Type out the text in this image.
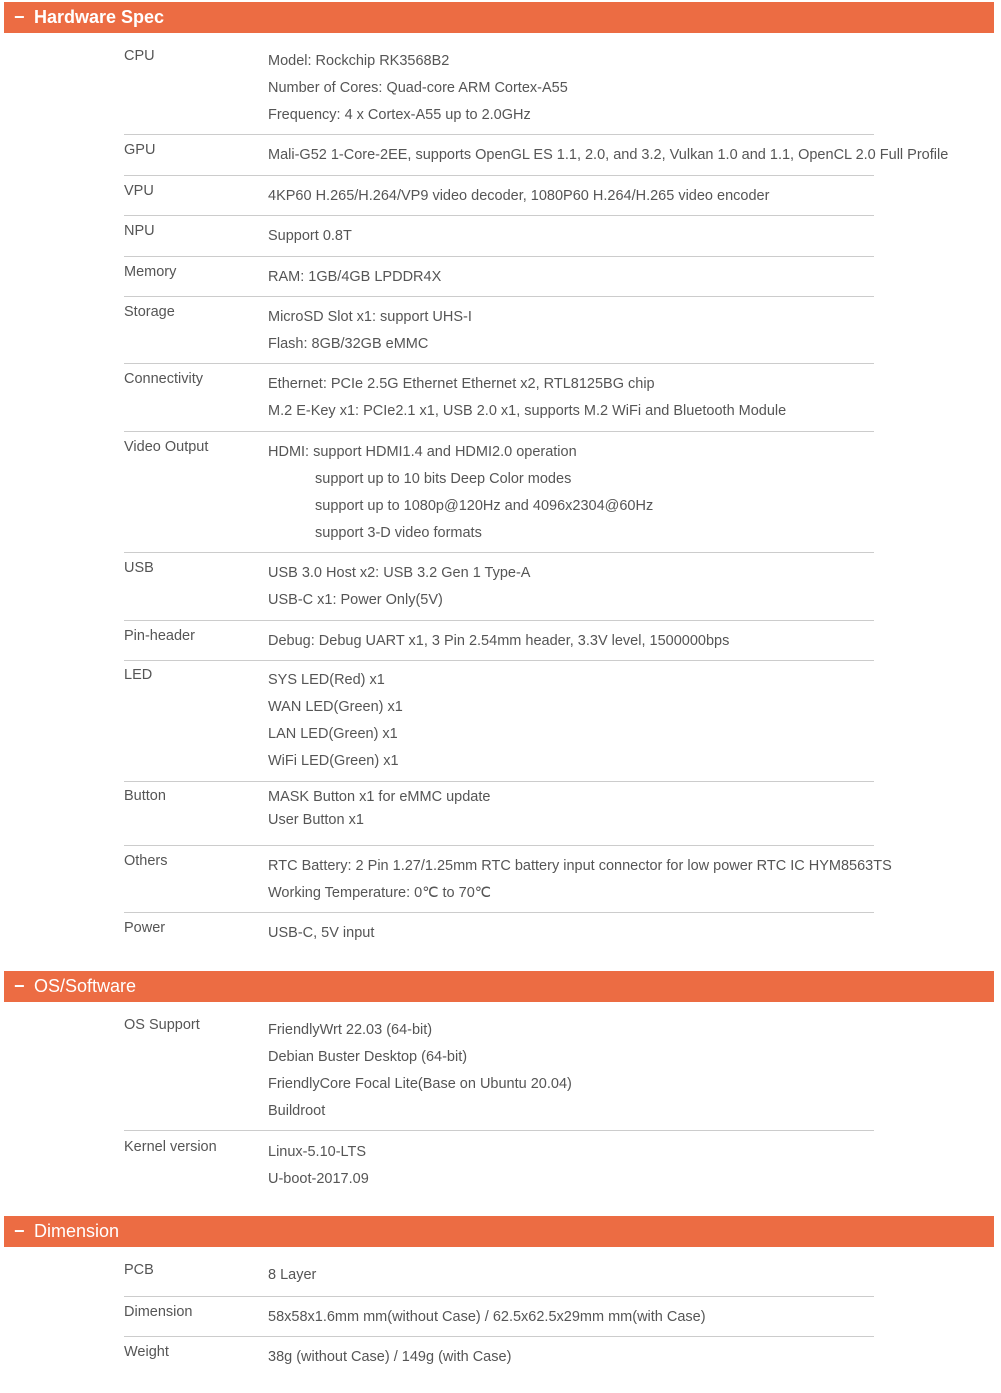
− Hardware Spec
CPU	Model: Rockchip RK3568B2
Number of Cores: Quad-core ARM Cortex-A55
Frequency: 4 x Cortex-A55 up to 2.0GHz
GPU	Mali-G52 1-Core-2EE, supports OpenGL ES 1.1, 2.0, and 3.2, Vulkan 1.0 and 1.1, OpenCL 2.0 Full Profile
VPU	4KP60 H.265/H.264/VP9 video decoder, 1080P60 H.264/H.265 video encoder
NPU	Support 0.8T
Memory	RAM: 1GB/4GB LPDDR4X
Storage	MicroSD Slot x1: support UHS-I
Flash: 8GB/32GB eMMC
Connectivity	Ethernet: PCIe 2.5G Ethernet Ethernet x2, RTL8125BG chip
M.2 E-Key x1: PCIe2.1 x1, USB 2.0 x1, supports M.2 WiFi and Bluetooth Module
Video Output	HDMI: support HDMI1.4 and HDMI2.0 operation
support up to 10 bits Deep Color modes
support up to 1080p@120Hz and 4096x2304@60Hz
support 3-D video formats
USB	USB 3.0 Host x2: USB 3.2 Gen 1 Type-A
USB-C x1: Power Only(5V)
Pin-header	Debug: Debug UART x1, 3 Pin 2.54mm header, 3.3V level, 1500000bps
LED	SYS LED(Red) x1
WAN LED(Green) x1
LAN LED(Green) x1
WiFi LED(Green) x1
Button	MASK Button x1 for eMMC update
User Button x1
Others	RTC Battery: 2 Pin 1.27/1.25mm RTC battery input connector for low power RTC IC HYM8563TS
Working Temperature: 0℃ to 70℃
Power	USB-C, 5V input
− OS/Software
OS Support	FriendlyWrt 22.03 (64-bit)
Debian Buster Desktop (64-bit)
FriendlyCore Focal Lite(Base on Ubuntu 20.04)
Buildroot
Kernel version	Linux-5.10-LTS
U-boot-2017.09
− Dimension
PCB	8 Layer
Dimension	58x58x1.6mm mm(without Case) / 62.5x62.5x29mm mm(with Case)
Weight	38g (without Case) / 149g (with Case)
